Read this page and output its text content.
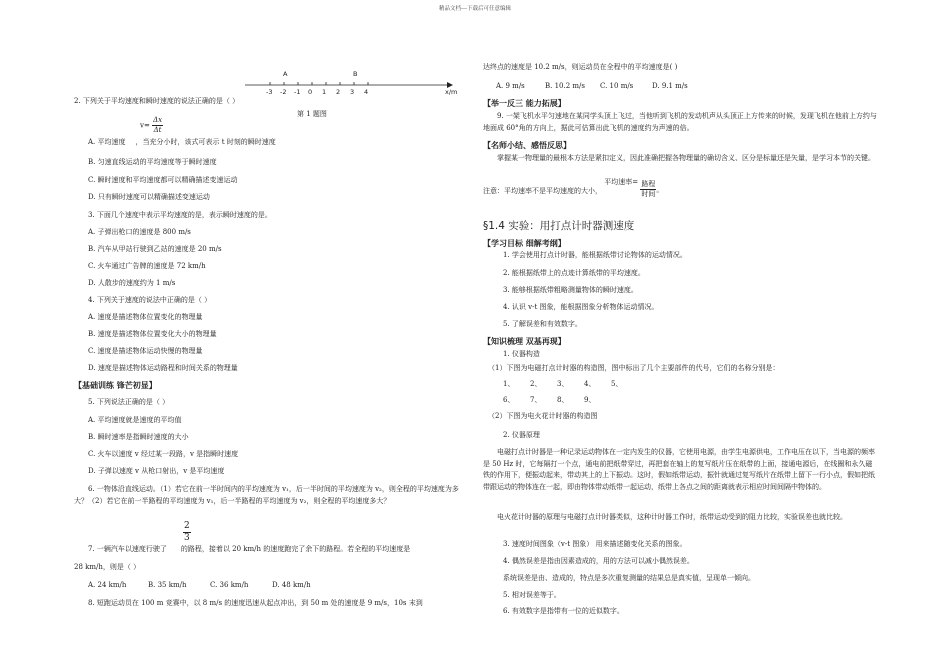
精品文档---下载后可任意编辑
A	B
x/m
-3 -2 -1 0 1 2 3 4
2. 下列关于平均速度和瞬时速度的说法正确的是（ ）
第 1 题图
$v= \frac{\Delta x}{\Delta t}$
A. 平均速度 ，当充分小时，该式可表示 t 时刻的瞬时速度
B. 匀速直线运动的平均速度等于瞬时速度
C. 瞬时速度和平均速度都可以精确描述变速运动
D. 只有瞬时速度可以精确描述变速运动
3. 下面几个速度中表示平均速度的是，表示瞬时速度的是。
A. 子弹出枪口的速度是 800 m/s
B. 汽车从甲站行驶到乙站的速度是 20 m/s
C. 火车通过广告牌的速度是 72 km/h
D. 人散步的速度约为 1 m/s
4. 下列关于速度的说法中正确的是（ ）
A. 速度是描述物体位置变化的物理量
B. 速度是描述物体位置变化大小的物理量
C. 速度是描述物体运动快慢的物理量
D. 速度是描述物体运动路程和时间关系的物理量
【基础训练 锋芒初显】
5. 下列说法正确的是（ ）
A. 平均速度就是速度的平均值
B. 瞬时速率是指瞬时速度的大小
C. 火车以速度 v 经过某一段路，v 是指瞬时速度
D. 子弹以速度 v 从枪口射出，v 是平均速度
6. 一物体沿直线运动。（1）若它在前一半时间内的平均速度为 v₁，后一半时间的平均速度为 v₂，则全程的平均速度为多大？（2）若它在前一半路程的平均速度为 v₁，后一半路程的平均速度为 v₂，则全程的平均速度多大？
$\frac{2}{3}$
7. 一辆汽车以速度行驶了 的路程，接着以 20 km/h 的速度跑完了余下的路程。若全程的平均速度是
28 km/h，则是（ ）
A. 24 km/h	B. 35 km/h	C. 36 km/h	D. 48 km/h
8. 短跑运动员在 100 m 竞赛中，以 8 m/s 的速度迅速从起点冲出，到 50 m 处的速度是 9 m/s，10s 末到
达终点的速度是 10.2 m/s，则运动员在全程中的平均速度是( )
A. 9 m/s	B. 10.2 m/s C. 10 m/s	D. 9.1 m/s
【举一反三 能力拓展】
9. 一架飞机水平匀速地在某同学头顶上飞过，当他听到飞机的发动机声从头顶正上方传来的时候，发现飞机在他前上方约与地面成 60°角的方向上，据此可估算出此飞机的速度约为声速的倍。
【名师小结、感悟反思】
掌握某一物理量的最根本方法是紧扣定义，因此准确把握各物理量的确切含义、区分是标量还是矢量，是学习本节的关键。
注意：平均速率不是平均速度的大小， 平均速率= $\frac{\text{路程}}{\text{时间}}$ 。
§1.4 实验：用打点计时器测速度
【学习目标 细解考纲】
1. 学会使用打点计时器，能根据纸带讨论物体的运动情况。
2. 能根据纸带上的点迹计算纸带的平均速度。
3. 能够根据纸带粗略测量物体的瞬时速度。
4. 认识 v-t 图象，能根据图象分析物体运动情况。
5. 了解误差和有效数字。
【知识梳理 双基再现】
1. 仪器构造
（1）下图为电磁打点计时器的构造图，图中标出了几个主要部件的代号，它们的名称分别是：
1、 2、 3、 4、 5、
6、 7、 8、 9、
（2）下图为电火花计时器的构造图
2. 仪器原理
电磁打点计时器是一种记录运动物体在一定内发生的仪器，它使用电源，由学生电源供电，工作电压在以下，当电源的频率是 50 Hz 时，它每隔打一个点，通电前把纸带穿过，再把套在轴上的复写纸片压在纸带的上面，接通电源后，在线圈和永久磁铁的作用下，便振动起来，带动其上的上下振动。这时，假如纸带运动，振针就通过复写纸片在纸带上留下一行小点，假如把纸带跟运动的物体连在一起，即由物体带动纸带一起运动，纸带上各点之间的距离就表示相应时间间隔中物体的。
电火花计时器的原理与电磁打点计时器类似，这种计时器工作时，纸带运动受到的阻力比较，实验误差也就比较。
3. 速度时间图象（v-t 图象） 用来描述随变化关系的图象。
4. 偶然误差是指由因素造成的，用的方法可以减小偶然误差。
系统误差是由、造成的，特点是多次重复测量的结果总是真实值，呈现单一倾向。
5. 相对误差等于。
6. 有效数字是指带有一位的近似数字。
